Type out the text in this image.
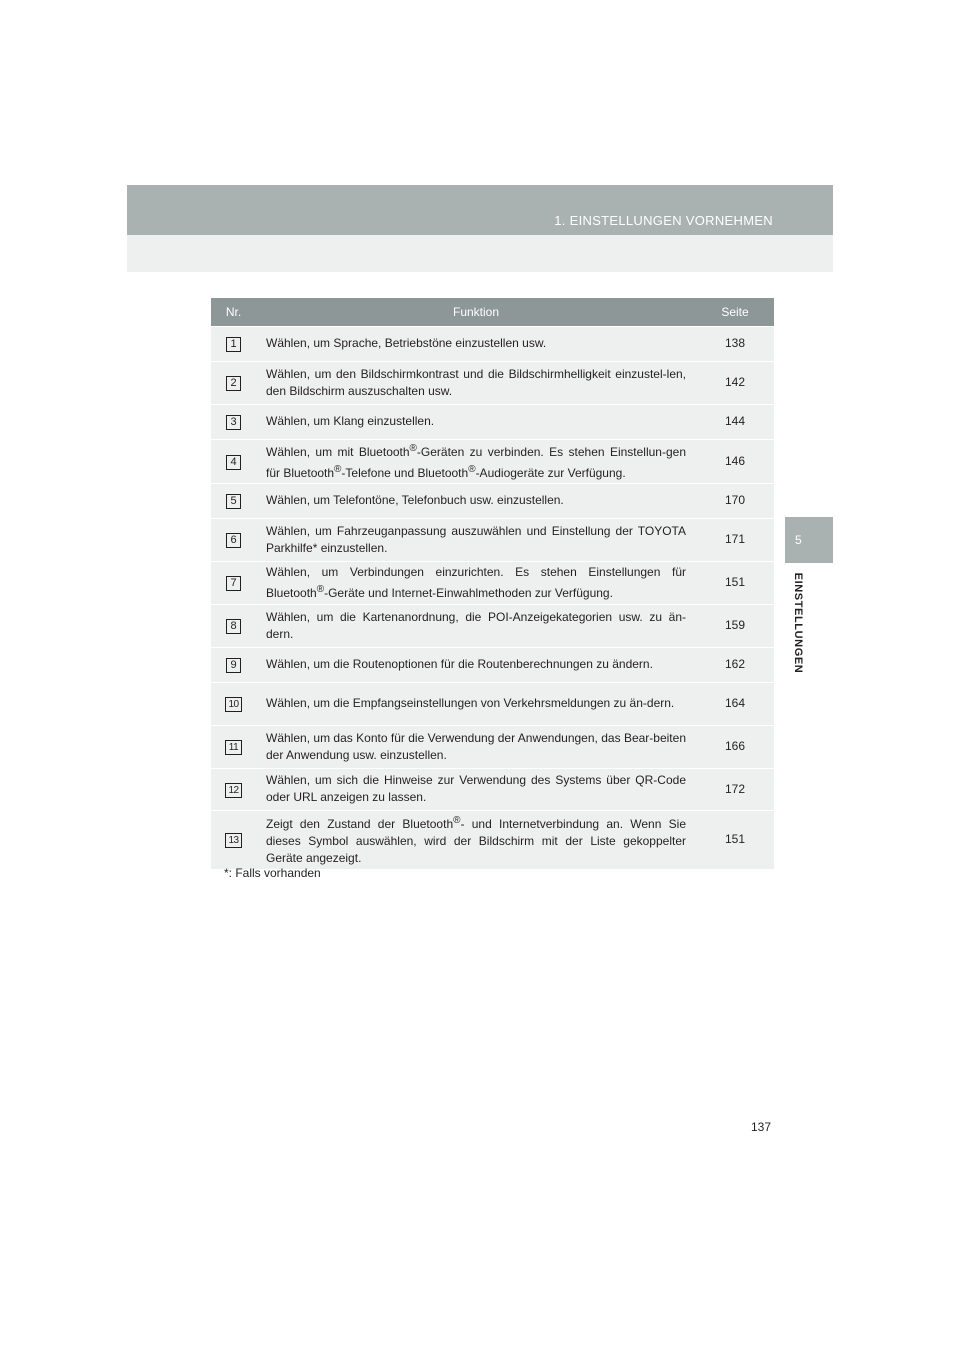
1. EINSTELLUNGEN VORNEHMEN
5
EINSTELLUNGEN
Nr.	Funktion	Seite
1	Wählen, um Sprache, Betriebstöne einzustellen usw.	138
2	Wählen, um den Bildschirmkontrast und die Bildschirmhelligkeit einzustel-len, den Bildschirm auszuschalten usw.	142
3	Wählen, um Klang einzustellen.	144
4	Wählen, um mit Bluetooth®-Geräten zu verbinden. Es stehen Einstellun-gen für Bluetooth®-Telefone und Bluetooth®-Audiogeräte zur Verfügung.	146
5	Wählen, um Telefontöne, Telefonbuch usw. einzustellen.	170
6	Wählen, um Fahrzeuganpassung auszuwählen und Einstellung der TOYOTA Parkhilfe* einzustellen.	171
7	Wählen, um Verbindungen einzurichten. Es stehen Einstellungen für Bluetooth®-Geräte und Internet-Einwahlmethoden zur Verfügung.	151
8	Wählen, um die Kartenanordnung, die POI-Anzeigekategorien usw. zu än-dern.	159
9	Wählen, um die Routenoptionen für die Routenberechnungen zu ändern.	162
10	Wählen, um die Empfangseinstellungen von Verkehrsmeldungen zu än-dern.	164
11	Wählen, um das Konto für die Verwendung der Anwendungen, das Bear-beiten der Anwendung usw. einzustellen.	166
12	Wählen, um sich die Hinweise zur Verwendung des Systems über QR-Code oder URL anzeigen zu lassen.	172
13	Zeigt den Zustand der Bluetooth®- und Internetverbindung an. Wenn Sie dieses Symbol auswählen, wird der Bildschirm mit der Liste gekoppelter Geräte angezeigt.	151
*: Falls vorhanden
137
